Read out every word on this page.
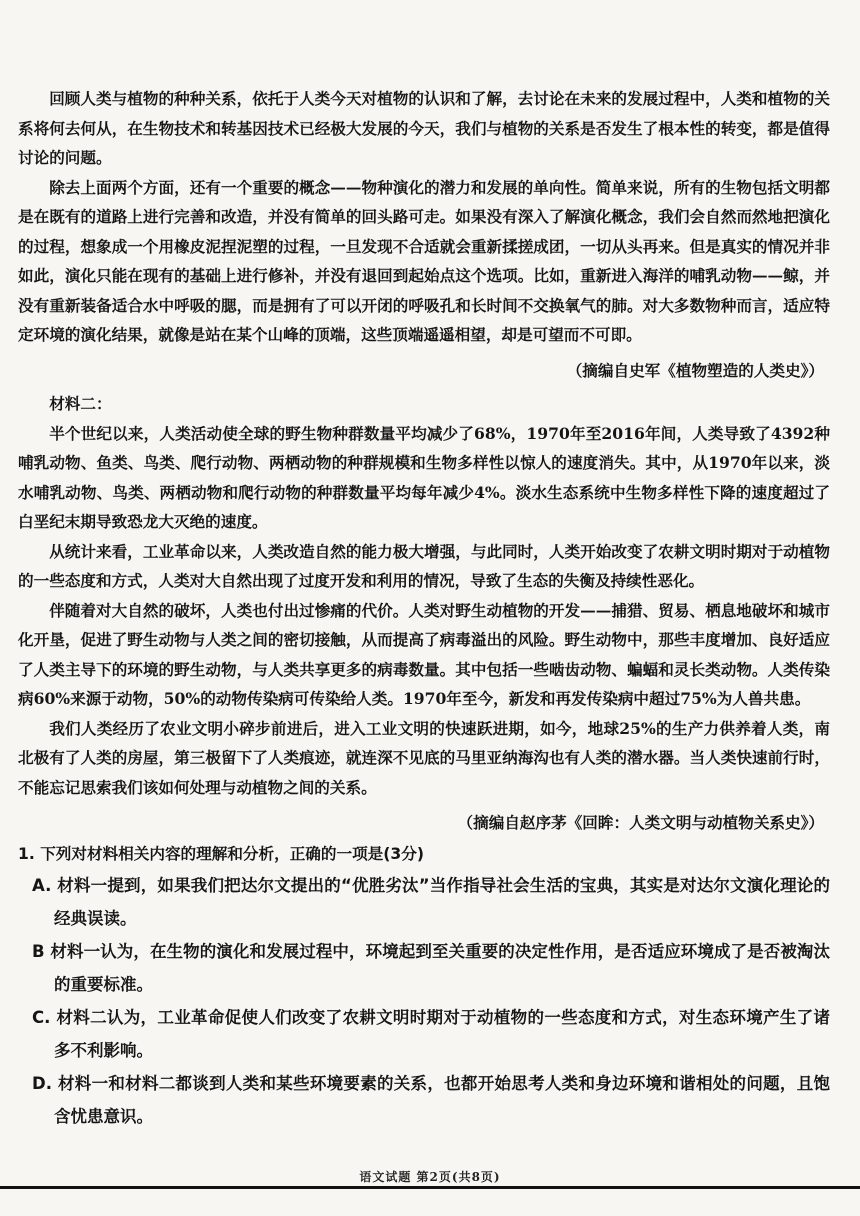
回顾人类与植物的种种关系，依托于人类今天对植物的认识和了解，去讨论在未来的发展过程中，人类和植物的关系将何去何从，在生物技术和转基因技术已经极大发展的今天，我们与植物的关系是否发生了根本性的转变，都是值得讨论的问题。

除去上面两个方面，还有一个重要的概念——物种演化的潜力和发展的单向性。简单来说，所有的生物包括文明都是在既有的道路上进行完善和改造，并没有简单的回头路可走。如果没有深入了解演化概念，我们会自然而然地把演化的过程，想象成一个用橡皮泥捏泥塑的过程，一旦发现不合适就会重新揉搓成团，一切从头再来。但是真实的情况并非如此，演化只能在现有的基础上进行修补，并没有退回到起始点这个选项。比如，重新进入海洋的哺乳动物——鲸，并没有重新装备适合水中呼吸的腮，而是拥有了可以开闭的呼吸孔和长时间不交换氧气的肺。对大多数物种而言，适应特定环境的演化结果，就像是站在某个山峰的顶端，这些顶端遥遥相望，却是可望而不可即。

（摘编自史军《植物塑造的人类史》）

材料二：

半个世纪以来，人类活动使全球的野生物种群数量平均减少了68%，1970年至2016年间，人类导致了4392种哺乳动物、鱼类、鸟类、爬行动物、两栖动物的种群规模和生物多样性以惊人的速度消失。其中，从1970年以来，淡水哺乳动物、鸟类、两栖动物和爬行动物的种群数量平均每年减少4%。淡水生态系统中生物多样性下降的速度超过了白垩纪末期导致恐龙大灭绝的速度。

从统计来看，工业革命以来，人类改造自然的能力极大增强，与此同时，人类开始改变了农耕文明时期对于动植物的一些态度和方式，人类对大自然出现了过度开发和利用的情况，导致了生态的失衡及持续性恶化。

伴随着对大自然的破坏，人类也付出过惨痛的代价。人类对野生动植物的开发——捕猎、贸易、栖息地破坏和城市化开垦，促进了野生动物与人类之间的密切接触，从而提高了病毒溢出的风险。野生动物中，那些丰度增加、良好适应了人类主导下的环境的野生动物，与人类共享更多的病毒数量。其中包括一些啮齿动物、蝙蝠和灵长类动物。人类传染病60%来源于动物，50%的动物传染病可传染给人类。1970年至今，新发和再发传染病中超过75%为人兽共患。

我们人类经历了农业文明小碎步前进后，进入工业文明的快速跃进期，如今，地球25%的生产力供养着人类，南北极有了人类的房屋，第三极留下了人类痕迹，就连深不见底的马里亚纳海沟也有人类的潜水器。当人类快速前行时，不能忘记思索我们该如何处理与动植物之间的关系。

（摘编自赵序茅《回眸：人类文明与动植物关系史》）

1. 下列对材料相关内容的理解和分析，正确的一项是(3分)

A. 材料一提到，如果我们把达尔文提出的“优胜劣汰”当作指导社会生活的宝典，其实是对达尔文演化理论的经典误读。

B 材料一认为，在生物的演化和发展过程中，环境起到至关重要的决定性作用，是否适应环境成了是否被淘汰的重要标准。

C. 材料二认为，工业革命促使人们改变了农耕文明时期对于动植物的一些态度和方式，对生态环境产生了诸多不利影响。

D. 材料一和材料二都谈到人类和某些环境要素的关系，也都开始思考人类和身边环境和谐相处的问题，且饱含忧患意识。

语文试题 第2页(共8页)
